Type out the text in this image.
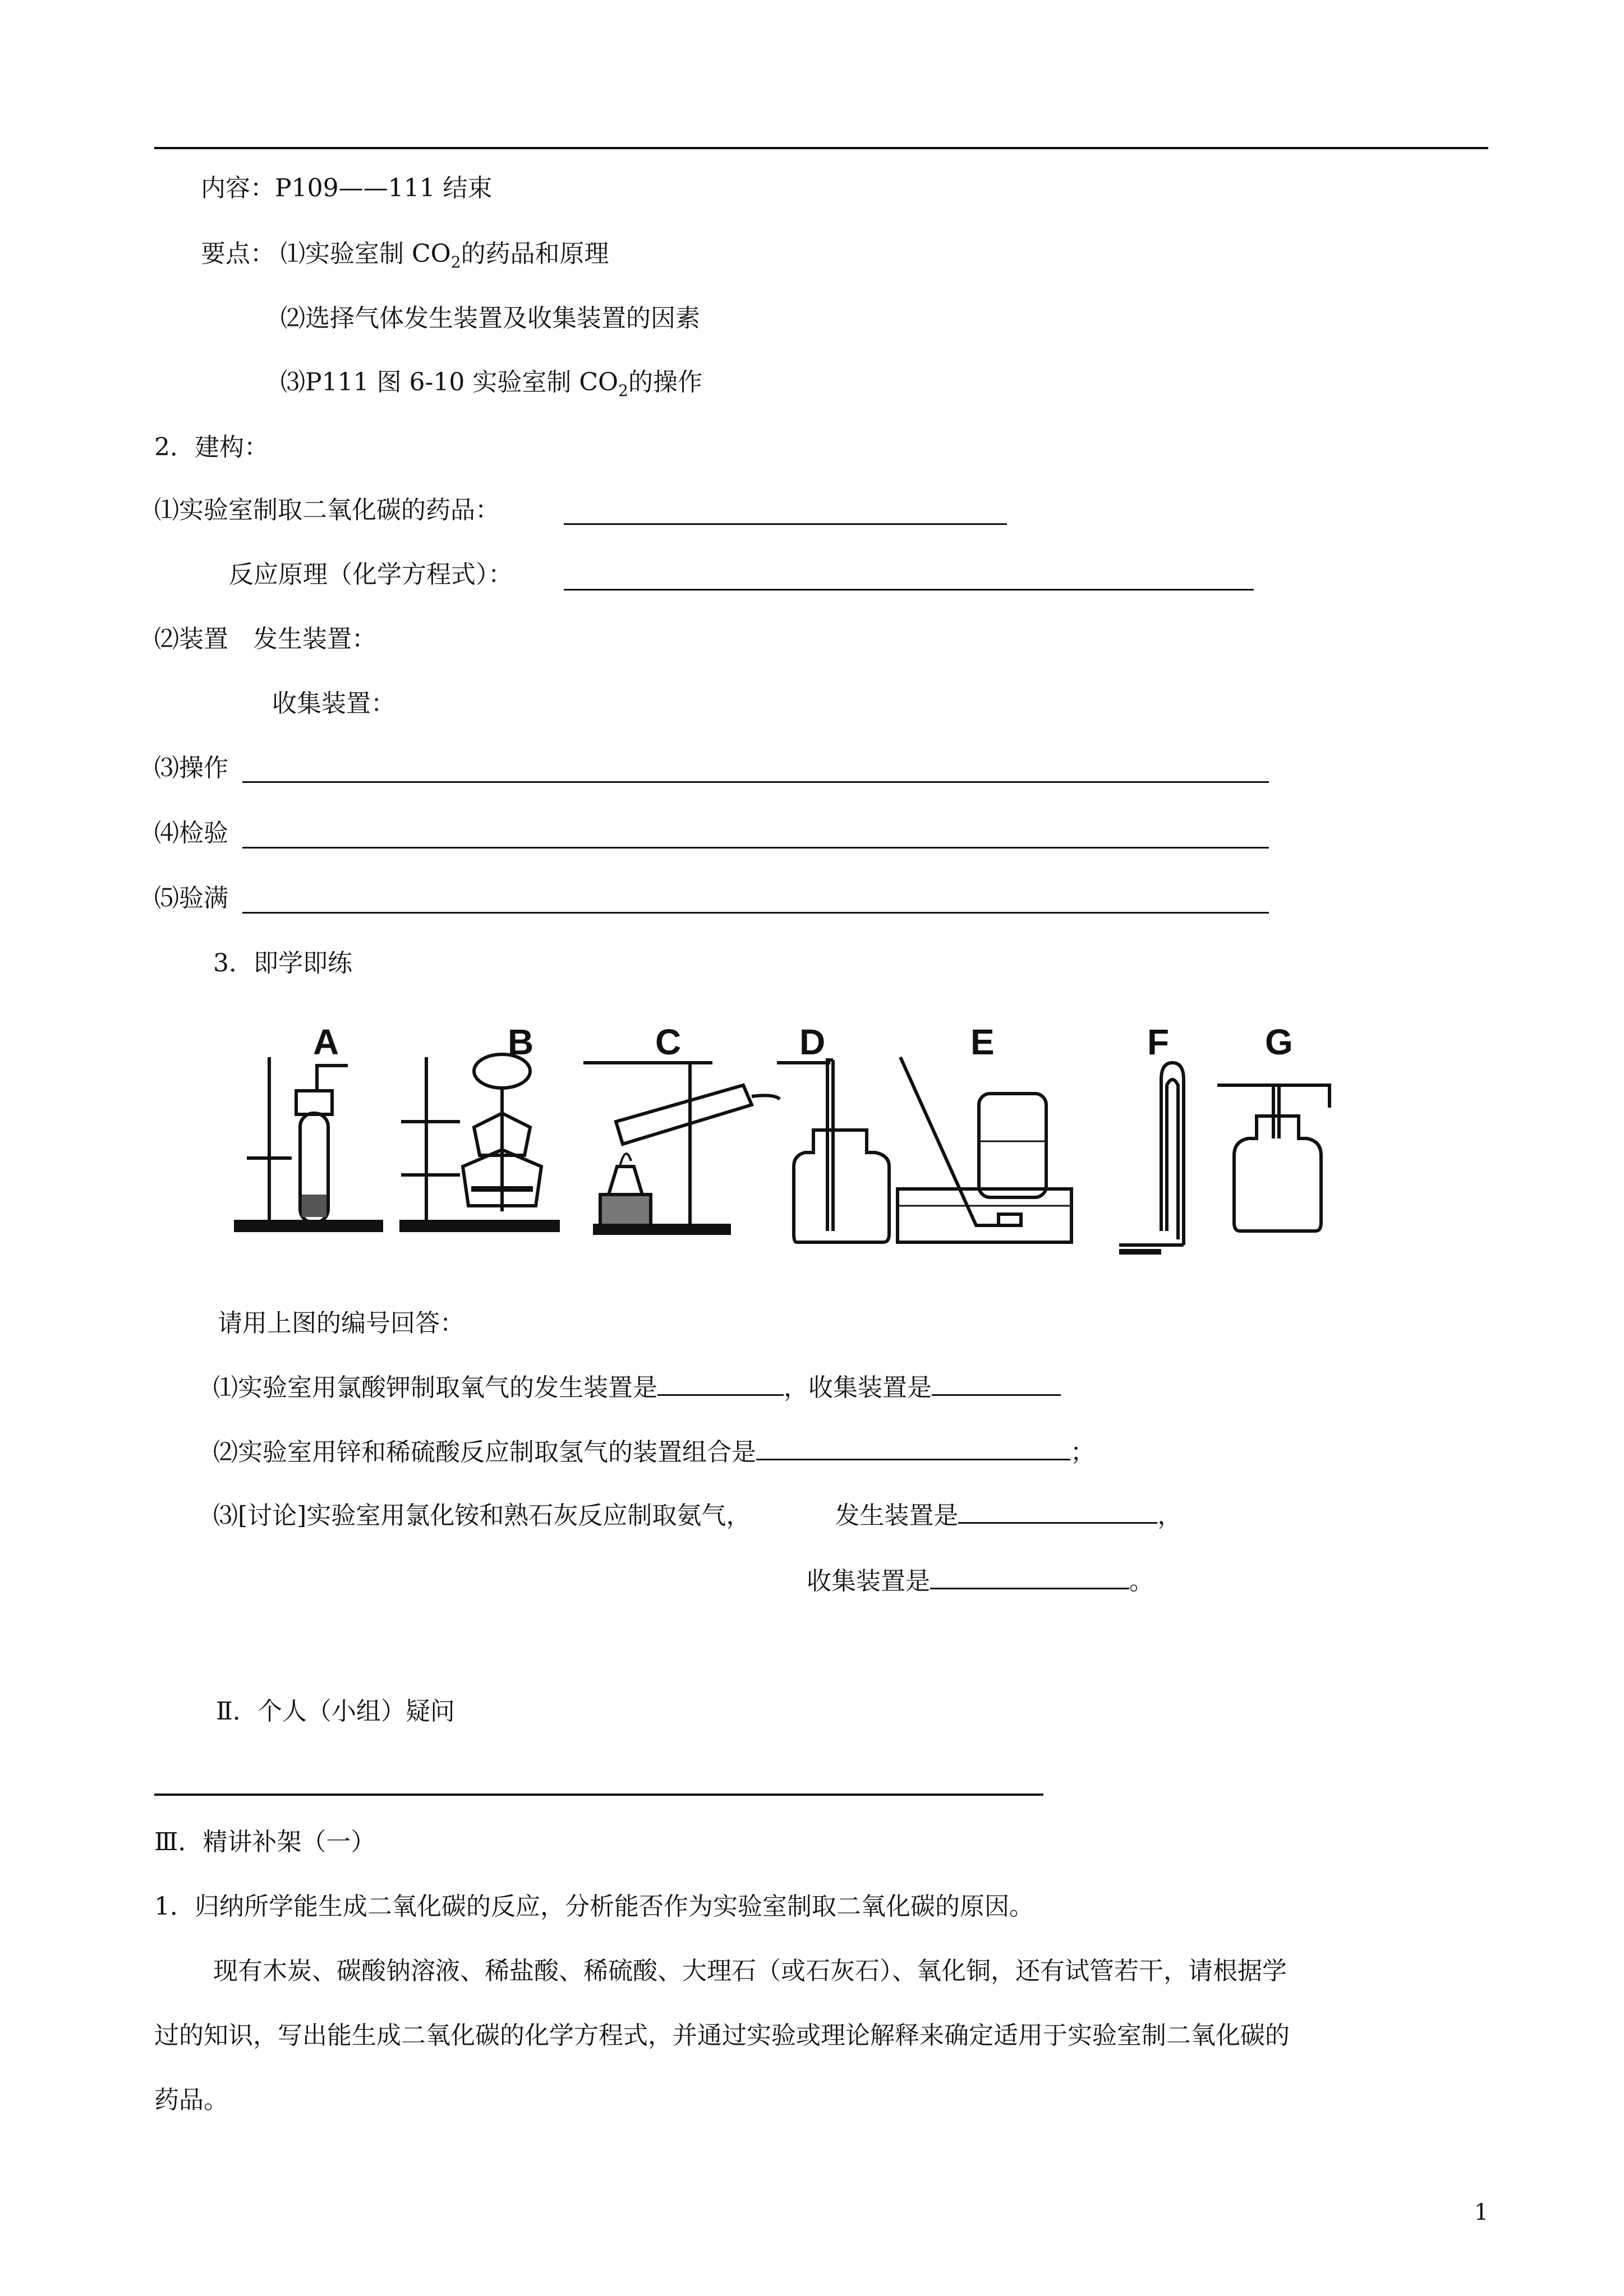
内容：P109——111 结束
要点： ⑴实验室制 $CO_2$的药品和原理
⑵选择气体发生装置及收集装置的因素
⑶P111 图 6-10 实验室制 $CO_2$的操作
2．建构：
⑴实验室制取二氧化碳的药品：
反应原理（化学方程式）：
⑵装置　发生装置：
收集装置：
⑶操作
⑷检验
⑸验满
3．即学即练
A	B	C	D	E	F	G
请用上图的编号回答：
⑴实验室用氯酸钾制取氧气的发生装置是	，收集装置是
⑵实验室用锌和稀硫酸反应制取氢气的装置组合是	；
⑶[讨论]实验室用氯化铵和熟石灰反应制取氨气，	发生装置是	，
收集装置是	。
Ⅱ．个人（小组）疑问
Ⅲ．精讲补架（一）
1．归纳所学能生成二氧化碳的反应，分析能否作为实验室制取二氧化碳的原因。
现有木炭、碳酸钠溶液、稀盐酸、稀硫酸、大理石（或石灰石）、氧化铜，还有试管若干，请根据学
过的知识，写出能生成二氧化碳的化学方程式，并通过实验或理论解释来确定适用于实验室制二氧化碳的
药品。
1
